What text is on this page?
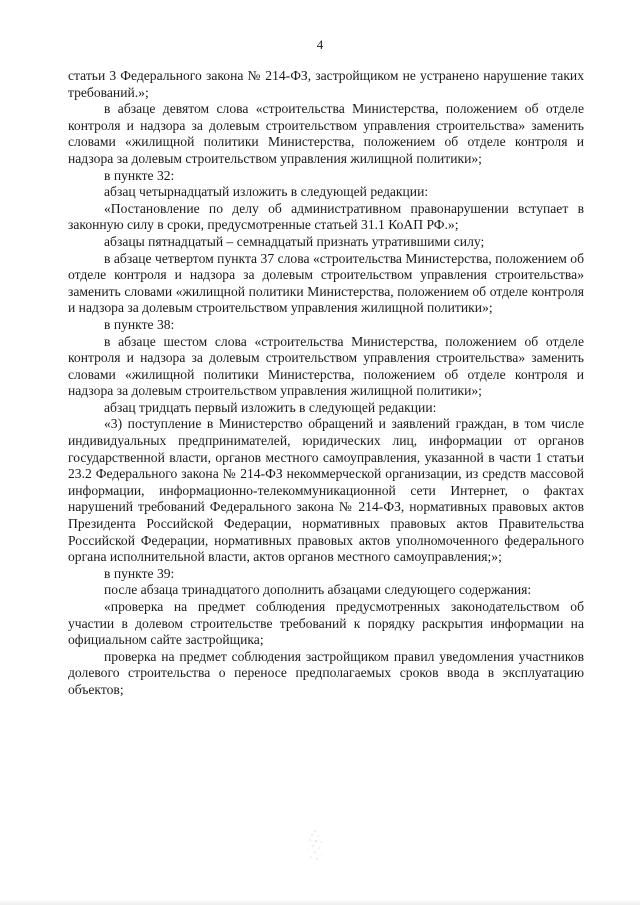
4

статьи 3 Федерального закона № 214-ФЗ, застройщиком не устранено нарушение таких требований.»;

в абзаце девятом слова «строительства Министерства, положением об отделе контроля и надзора за долевым строительством управления строительства» заменить словами «жилищной политики Министерства, положением об отделе контроля и надзора за долевым строительством управления жилищной политики»;

в пункте 32:

абзац четырнадцатый изложить в следующей редакции:

«Постановление по делу об административном правонарушении вступает в законную силу в сроки, предусмотренные статьей 31.1 КоАП РФ.»;

абзацы пятнадцатый – семнадцатый признать утратившими силу;

в абзаце четвертом пункта 37 слова «строительства Министерства, положением об отделе контроля и надзора за долевым строительством управления строительства» заменить словами «жилищной политики Министерства, положением об отделе контроля и надзора за долевым строительством управления жилищной политики»;

в пункте 38:

в абзаце шестом слова «строительства Министерства, положением об отделе контроля и надзора за долевым строительством управления строительства» заменить словами «жилищной политики Министерства, положением об отделе контроля и надзора за долевым строительством управления жилищной политики»;

абзац тридцать первый изложить в следующей редакции:

«3) поступление в Министерство обращений и заявлений граждан, в том числе индивидуальных предпринимателей, юридических лиц, информации от органов государственной власти, органов местного самоуправления, указанной в части 1 статьи 23.2 Федерального закона № 214-ФЗ некоммерческой организации, из средств массовой информации, информационно-телекоммуникационной сети Интернет, о фактах нарушений требований Федерального закона № 214-ФЗ, нормативных правовых актов Президента Российской Федерации, нормативных правовых актов Правительства Российской Федерации, нормативных правовых актов уполномоченного федерального органа исполнительной власти, актов органов местного самоуправления;»;

в пункте 39:

после абзаца тринадцатого дополнить абзацами следующего содержания:

«проверка на предмет соблюдения предусмотренных законодательством об участии в долевом строительстве требований к порядку раскрытия информации на официальном сайте застройщика;

проверка на предмет соблюдения застройщиком правил уведомления участников долевого строительства о переносе предполагаемых сроков ввода в эксплуатацию объектов;
